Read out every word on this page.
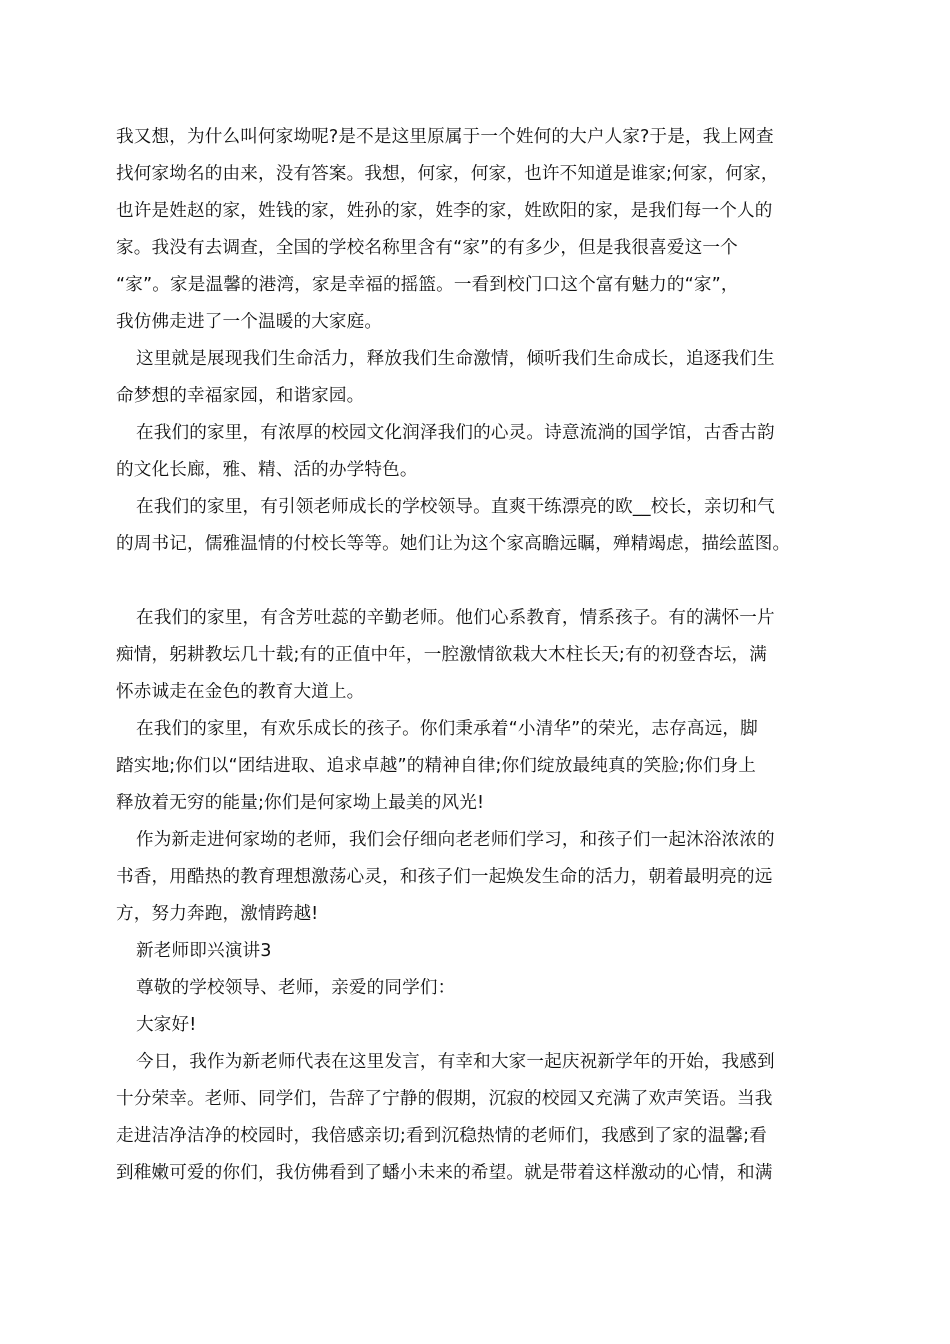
我又想，为什么叫何家坳呢?是不是这里原属于一个姓何的大户人家?于是，我上网查
找何家坳名的由来，没有答案。我想，何家，何家，也许不知道是谁家;何家，何家，
也许是姓赵的家，姓钱的家，姓孙的家，姓李的家，姓欧阳的家，是我们每一个人的
家。我没有去调查，全国的学校名称里含有“家”的有多少，但是我很喜爱这一个
“家”。家是温馨的港湾，家是幸福的摇篮。一看到校门口这个富有魅力的“家”，
我仿佛走进了一个温暖的大家庭。
这里就是展现我们生命活力，释放我们生命激情，倾听我们生命成长，追逐我们生
命梦想的幸福家园，和谐家园。
在我们的家里，有浓厚的校园文化润泽我们的心灵。诗意流淌的国学馆，古香古韵
的文化长廊，雅、精、活的办学特色。
在我们的家里，有引领老师成长的学校领导。直爽干练漂亮的欧__校长，亲切和气
的周书记，儒雅温情的付校长等等。她们让为这个家高瞻远瞩，殚精竭虑，描绘蓝图。
在我们的家里，有含芳吐蕊的辛勤老师。他们心系教育，情系孩子。有的满怀一片
痴情，躬耕教坛几十载;有的正值中年，一腔激情欲栽大木柱长天;有的初登杏坛，满
怀赤诚走在金色的教育大道上。
在我们的家里，有欢乐成长的孩子。你们秉承着“小清华”的荣光，志存高远，脚
踏实地;你们以“团结进取、追求卓越”的精神自律;你们绽放最纯真的笑脸;你们身上
释放着无穷的能量;你们是何家坳上最美的风光!
作为新走进何家坳的老师，我们会仔细向老老师们学习，和孩子们一起沐浴浓浓的
书香，用酷热的教育理想激荡心灵，和孩子们一起焕发生命的活力，朝着最明亮的远
方，努力奔跑，激情跨越!
新老师即兴演讲3
尊敬的学校领导、老师，亲爱的同学们：
大家好!
今日，我作为新老师代表在这里发言，有幸和大家一起庆祝新学年的开始，我感到
十分荣幸。老师、同学们，告辞了宁静的假期，沉寂的校园又充满了欢声笑语。当我
走进洁净洁净的校园时，我倍感亲切;看到沉稳热情的老师们，我感到了家的温馨;看
到稚嫩可爱的你们，我仿佛看到了蟠小未来的希望。就是带着这样激动的心情，和满
